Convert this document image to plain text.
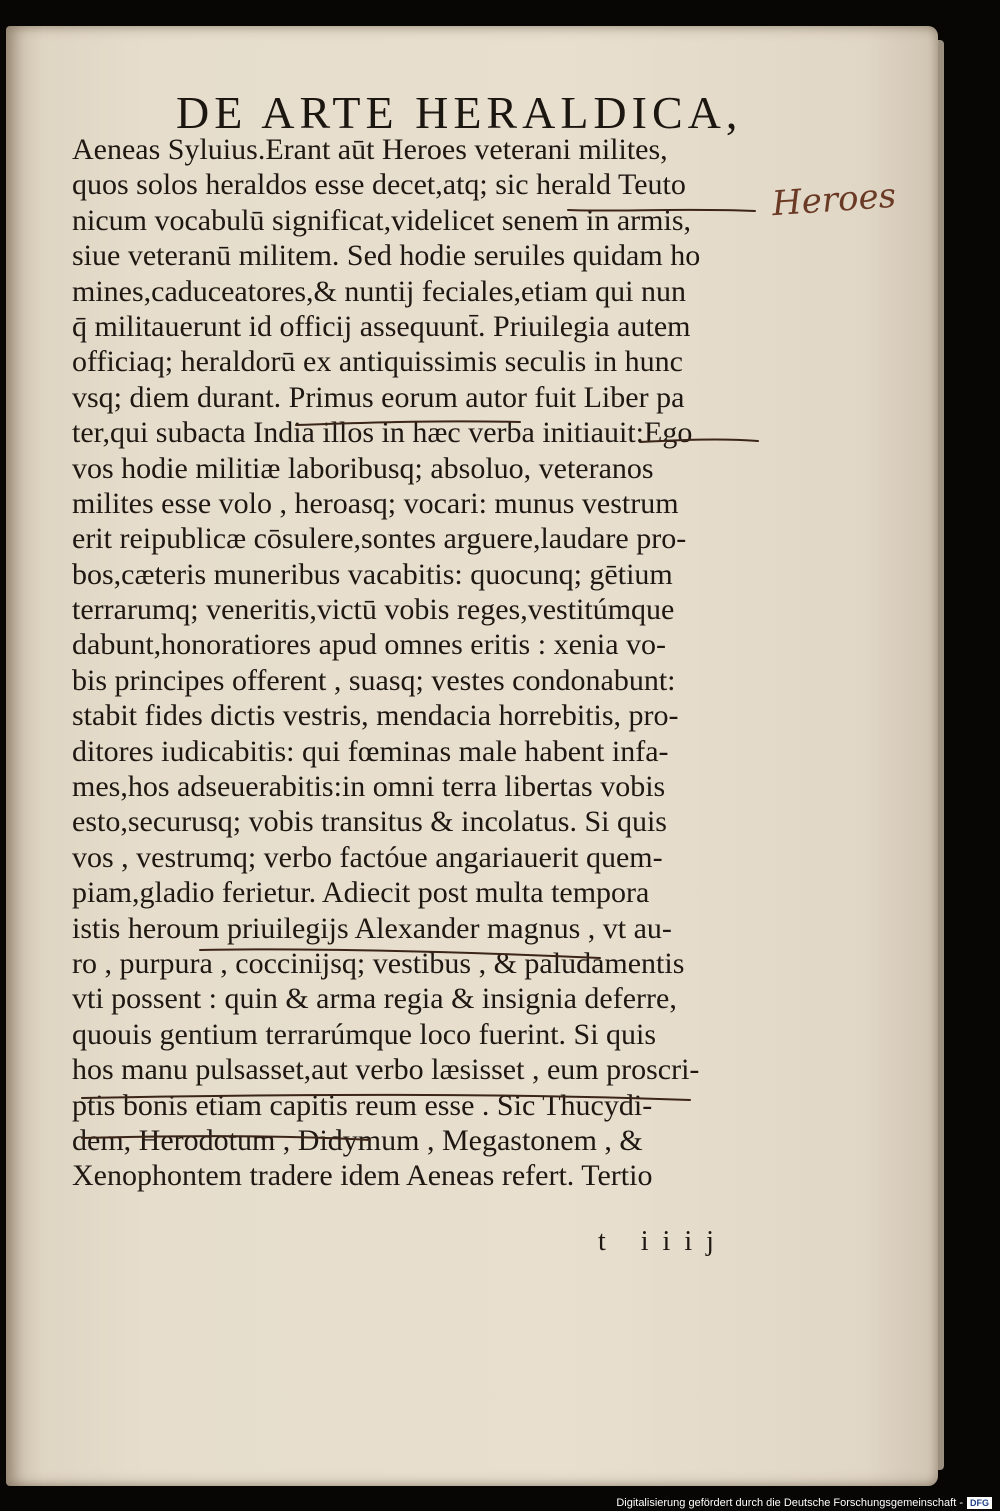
DE ARTE HERALDICA,
Aeneas Syluius.Erant aūt Heroes veterani milites,
quos solos heraldos esse decet,atq; sic herald Teuto
nicum vocabulū significat,videlicet senem in armis,
siue veteranū militem. Sed hodie seruiles quidam ho
mines,caduceatores,& nuntij feciales,etiam qui nun
q̄ militauerunt id officij assequunt̄. Priuilegia autem
officiaq; heraldorū ex antiquissimis seculis in hunc
vsq; diem durant. Primus eorum autor fuit Liber pa
ter,qui subacta India illos in hæc verba initiauit:Ego
vos hodie militiæ laboribusq; absoluo, veteranos
milites esse volo , heroasq; vocari: munus vestrum
erit reipublicæ cōsulere,sontes arguere,laudare pro-
bos,cæteris muneribus vacabitis: quocunq; gētium
terrarumq; veneritis,victū vobis reges,vestitúmque
dabunt,honoratiores apud omnes eritis : xenia vo-
bis principes offerent , suasq; vestes condonabunt:
stabit fides dictis vestris, mendacia horrebitis, pro-
ditores iudicabitis: qui fœminas male habent infa-
mes,hos adseuerabitis:in omni terra libertas vobis
esto,securusq; vobis transitus & incolatus. Si quis
vos , vestrumq; verbo factóue angariauerit quem-
piam,gladio ferietur. Adiecit post multa tempora
istis heroum priuilegijs Alexander magnus , vt au-
ro , purpura , coccinijsq; vestibus , & paludamentis
vti possent : quin & arma regia & insignia deferre,
quouis gentium terrarúmque loco fuerint. Si quis
hos manu pulsasset,aut verbo læsisset , eum proscri-
ptis bonis etiam capitis reum esse . Sic Thucydi-
dem, Herodotum , Didymum , Megastonem , &
Xenophontem tradere idem Aeneas refert. Tertio
Heroes
t iiij
Digitalisierung gefördert durch die Deutsche Forschungsgemeinschaft - DFG
